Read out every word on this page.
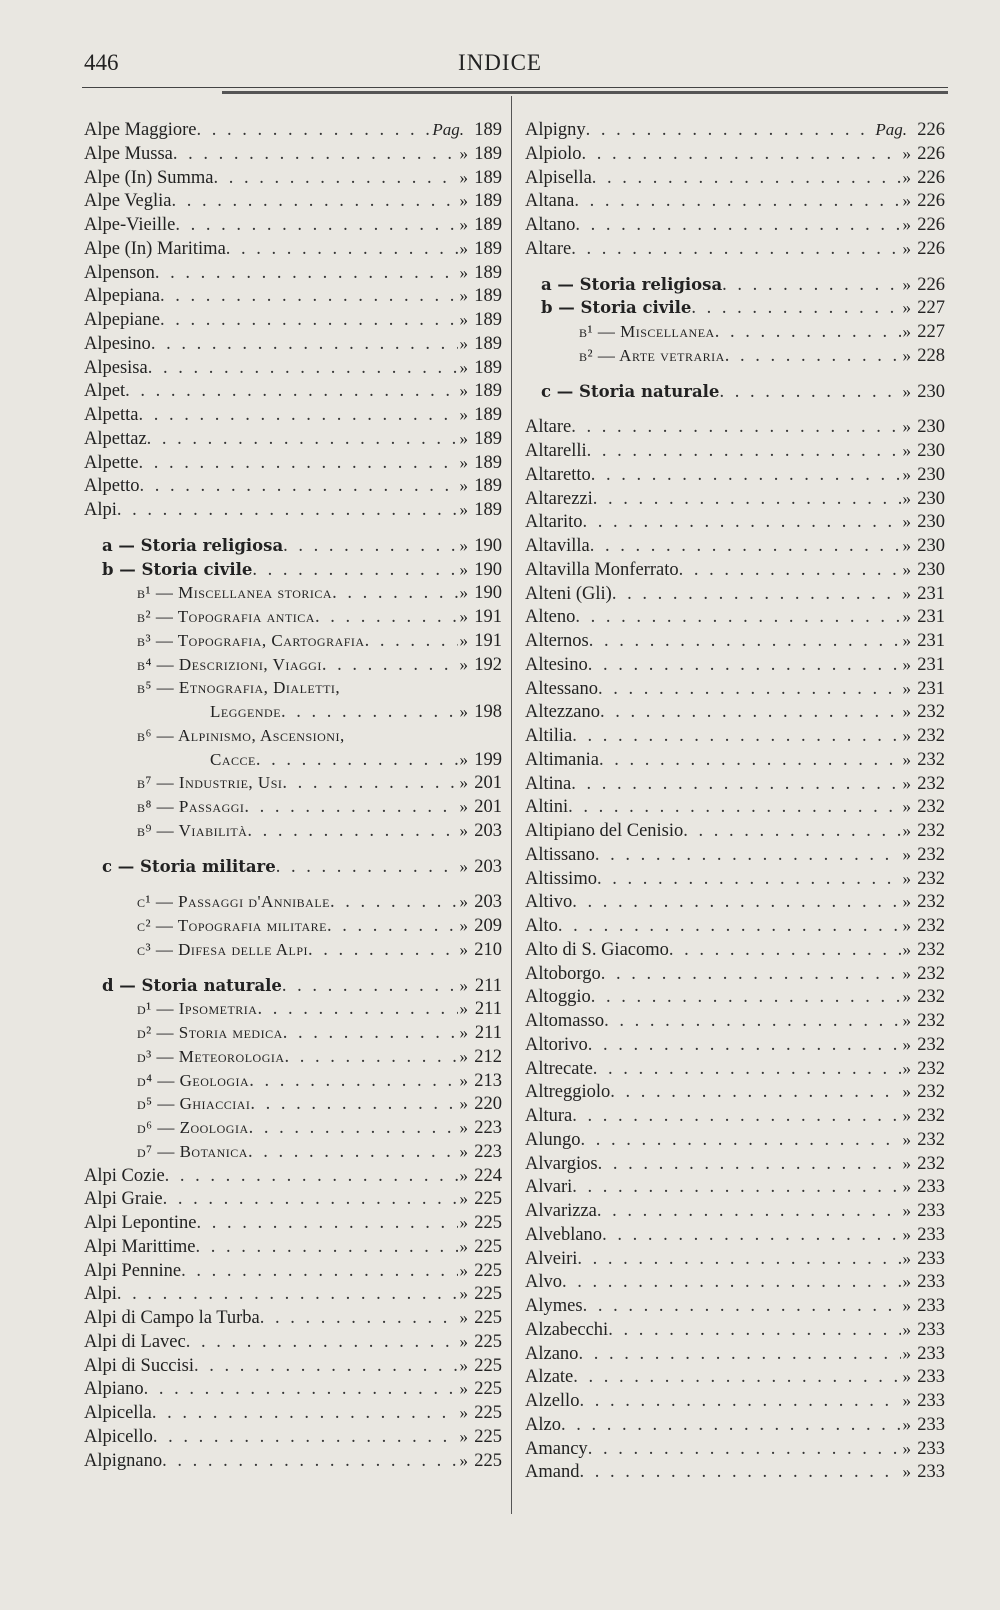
446	INDICE
Alpe Maggiore . . .	Pag. 189
Alpe Mussa . . .	» 189
Alpe (In) Summa . . .	» 189
Alpe Veglia . . .	» 189
Alpe-Vieille . . .	» 189
Alpe (In) Maritima . . .	» 189
Alpenson . . .	» 189
Alpepiana . . .	» 189
Alpepiane . . .	» 189
Alpesino . . .	» 189
Alpesisa . . .	» 189
Alpet . . .	» 189
Alpetta . . .	» 189
Alpettaz . . .	» 189
Alpette . . .	» 189
Alpetto . . .	» 189
Alpi . . .	» 189
a — Storia religiosa . . .	» 190
b — Storia civile . . .	» 190
b¹ — Miscellanea storica . . .	» 190
b² — Topografia antica . . .	» 191
b³ — Topografia, Cartografia . . .	» 191
b⁴ — Descrizioni, Viaggi . . .	» 192
b⁵ — Etnografia, Dialetti,
Leggende . . .	» 198
b⁶ — Alpinismo, Ascensioni,
Cacce . . .	» 199
b⁷ — Industrie, Usi . . .	» 201
b⁸ — Passaggi . . .	» 201
b⁹ — Viabilità . . .	» 203
c — Storia militare . . .	» 203
c¹ — Passaggi d'Annibale . . .	» 203
c² — Topografia militare . . .	» 209
c³ — Difesa delle Alpi . . .	» 210
d — Storia naturale . . .	» 211
d¹ — Ipsometria . . .	» 211
d² — Storia medica . . .	» 211
d³ — Meteorologia . . .	» 212
d⁴ — Geologia . . .	» 213
d⁵ — Ghiacciai . . .	» 220
d⁶ — Zoologia . . .	» 223
d⁷ — Botanica . . .	» 223
Alpi Cozie . . .	» 224
Alpi Graie . . .	» 225
Alpi Lepontine . . .	» 225
Alpi Marittime . . .	» 225
Alpi Pennine . . .	» 225
Alpi . . .	» 225
Alpi di Campo la Turba . . .	» 225
Alpi di Lavec . . .	» 225
Alpi di Succisi . . .	» 225
Alpiano . . .	» 225
Alpicella . . .	» 225
Alpicello . . .	» 225
Alpignano . . .	» 225
Alpigny . . .	Pag. 226
Alpiolo . . .	» 226
Alpisella . . .	» 226
Altana . . .	» 226
Altano . . .	» 226
Altare . . .	» 226
a — Storia religiosa . . .	» 226
b — Storia civile . . .	» 227
b¹ — Miscellanea . . .	» 227
b² — Arte vetraria . . .	» 228
c — Storia naturale . . .	» 230
Altare . . .	» 230
Altarelli . . .	» 230
Altaretto . . .	» 230
Altarezzi . . .	» 230
Altarito . . .	» 230
Altavilla . . .	» 230
Altavilla Monferrato . . .	» 230
Alteni (Gli) . . .	» 231
Alteno . . .	» 231
Alternos . . .	» 231
Altesino . . .	» 231
Altessano . . .	» 231
Altezzano . . .	» 232
Altilia . . .	» 232
Altimania . . .	» 232
Altina . . .	» 232
Altini . . .	» 232
Altipiano del Cenisio . . .	» 232
Altissano . . .	» 232
Altissimo . . .	» 232
Altivo . . .	» 232
Alto . . .	» 232
Alto di S. Giacomo . . .	» 232
Altoborgo . . .	» 232
Altoggio . . .	» 232
Altomasso . . .	» 232
Altorivo . . .	» 232
Altrecate . . .	» 232
Altreggiolo . . .	» 232
Altura . . .	» 232
Alungo . . .	» 232
Alvargios . . .	» 232
Alvari . . .	» 233
Alvarizza . . .	» 233
Alveblano . . .	» 233
Alveiri . . .	» 233
Alvo . . .	» 233
Alymes . . .	» 233
Alzabecchi . . .	» 233
Alzano . . .	» 233
Alzate . . .	» 233
Alzello . . .	» 233
Alzo . . .	» 233
Amancy . . .	» 233
Amand . . .	» 233
